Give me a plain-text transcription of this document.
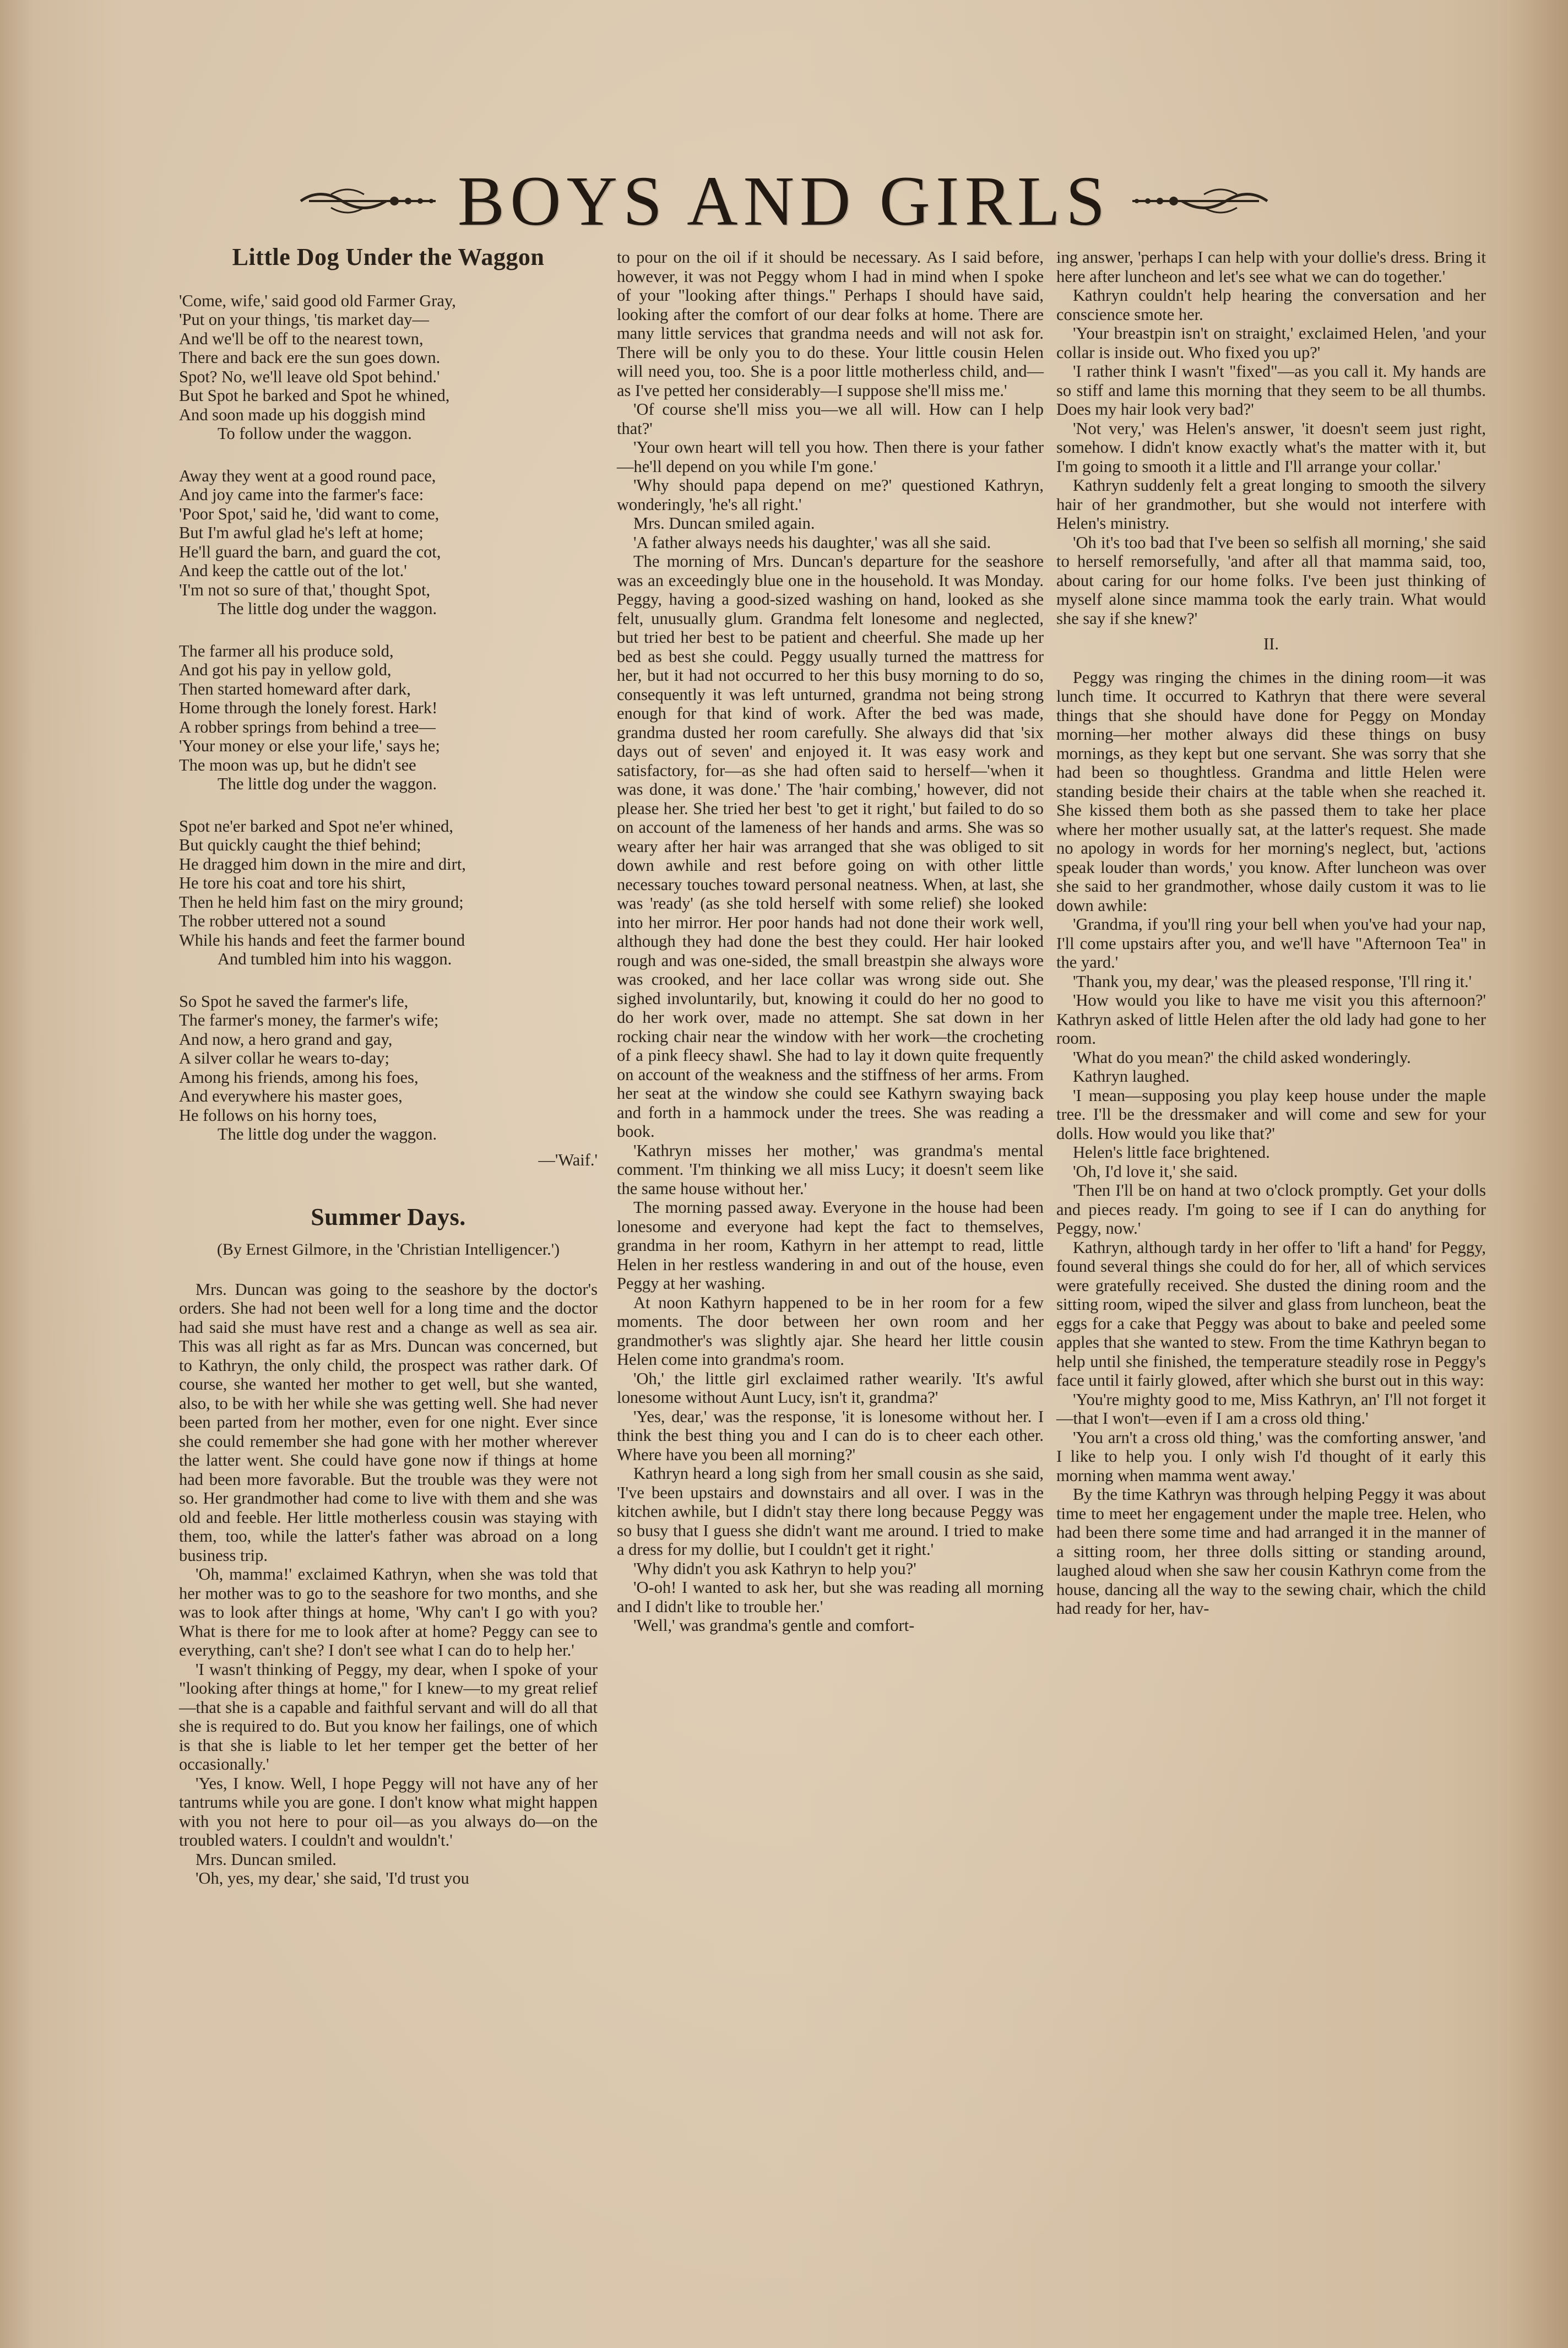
BOYS AND GIRLS
Little Dog Under the Waggon
'Come, wife,' said good old Farmer Gray,
'Put on your things, 'tis market day—
And we'll be off to the nearest town,
There and back ere the sun goes down.
Spot? No, we'll leave old Spot behind.'
But Spot he barked and Spot he whined,
And soon made up his doggish mind
To follow under the waggon.
Away they went at a good round pace,
And joy came into the farmer's face:
'Poor Spot,' said he, 'did want to come,
But I'm awful glad he's left at home;
He'll guard the barn, and guard the cot,
And keep the cattle out of the lot.'
'I'm not so sure of that,' thought Spot,
The little dog under the waggon.
The farmer all his produce sold,
And got his pay in yellow gold,
Then started homeward after dark,
Home through the lonely forest. Hark!
A robber springs from behind a tree—
'Your money or else your life,' says he;
The moon was up, but he didn't see
The little dog under the waggon.
Spot ne'er barked and Spot ne'er whined,
But quickly caught the thief behind;
He dragged him down in the mire and dirt,
He tore his coat and tore his shirt,
Then he held him fast on the miry ground;
The robber uttered not a sound
While his hands and feet the farmer bound
And tumbled him into his waggon.
So Spot he saved the farmer's life,
The farmer's money, the farmer's wife;
And now, a hero grand and gay,
A silver collar he wears to-day;
Among his friends, among his foes,
And everywhere his master goes,
He follows on his horny toes,
The little dog under the waggon.

—'Waif.'

Summer Days.
(By Ernest Gilmore, in the 'Christian Intelligencer.')

Mrs. Duncan was going to the seashore by the doctor's orders. She had not been well for a long time and the doctor had said she must have rest and a change as well as sea air. This was all right as far as Mrs. Duncan was concerned, but to Kathryn, the only child, the prospect was rather dark. Of course, she wanted her mother to get well, but she wanted, also, to be with her while she was getting well. She had never been parted from her mother, even for one night. Ever since she could remember she had gone with her mother wherever the latter went. She could have gone now if things at home had been more favorable. But the trouble was they were not so. Her grandmother had come to live with them and she was old and feeble. Her little motherless cousin was staying with them, too, while the latter's father was abroad on a long business trip.

'Oh, mamma!' exclaimed Kathryn, when she was told that her mother was to go to the seashore for two months, and she was to look after things at home, 'Why can't I go with you? What is there for me to look after at home? Peggy can see to everything, can't she? I don't see what I can do to help her.'

'I wasn't thinking of Peggy, my dear, when I spoke of your "looking after things at home," for I knew—to my great relief—that she is a capable and faithful servant and will do all that she is required to do. But you know her failings, one of which is that she is liable to let her temper get the better of her occasionally.'

'Yes, I know. Well, I hope Peggy will not have any of her tantrums while you are gone. I don't know what might happen with you not here to pour oil—as you always do—on the troubled waters. I couldn't and wouldn't.'

Mrs. Duncan smiled.

'Oh, yes, my dear,' she said, 'I'd trust you

to pour on the oil if it should be necessary. As I said before, however, it was not Peggy whom I had in mind when I spoke of your "looking after things." Perhaps I should have said, looking after the comfort of our dear folks at home. There are many little services that grandma needs and will not ask for. There will be only you to do these. Your little cousin Helen will need you, too. She is a poor little motherless child, and—as I've petted her considerably—I suppose she'll miss me.'

'Of course she'll miss you—we all will. How can I help that?'

'Your own heart will tell you how. Then there is your father—he'll depend on you while I'm gone.'

'Why should papa depend on me?' questioned Kathryn, wonderingly, 'he's all right.'

Mrs. Duncan smiled again.

'A father always needs his daughter,' was all she said.

The morning of Mrs. Duncan's departure for the seashore was an exceedingly blue one in the household. It was Monday. Peggy, having a good-sized washing on hand, looked as she felt, unusually glum. Grandma felt lonesome and neglected, but tried her best to be patient and cheerful. She made up her bed as best she could. Peggy usually turned the mattress for her, but it had not occurred to her this busy morning to do so, consequently it was left unturned, grandma not being strong enough for that kind of work. After the bed was made, grandma dusted her room carefully. She always did that 'six days out of seven' and enjoyed it. It was easy work and satisfactory, for—as she had often said to herself—'when it was done, it was done.' The 'hair combing,' however, did not please her. She tried her best 'to get it right,' but failed to do so on account of the lameness of her hands and arms. She was so weary after her hair was arranged that she was obliged to sit down awhile and rest before going on with other little necessary touches toward personal neatness. When, at last, she was 'ready' (as she told herself with some relief) she looked into her mirror. Her poor hands had not done their work well, although they had done the best they could. Her hair looked rough and was one-sided, the small breastpin she always wore was crooked, and her lace collar was wrong side out. She sighed involuntarily, but, knowing it could do her no good to do her work over, made no attempt. She sat down in her rocking chair near the window with her work—the crocheting of a pink fleecy shawl. She had to lay it down quite frequently on account of the weakness and the stiffness of her arms. From her seat at the window she could see Kathyrn swaying back and forth in a hammock under the trees. She was reading a book.

'Kathryn misses her mother,' was grandma's mental comment. 'I'm thinking we all miss Lucy; it doesn't seem like the same house without her.'

The morning passed away. Everyone in the house had been lonesome and everyone had kept the fact to themselves, grandma in her room, Kathyrn in her attempt to read, little Helen in her restless wandering in and out of the house, even Peggy at her washing.

At noon Kathyrn happened to be in her room for a few moments. The door between her own room and her grandmother's was slightly ajar. She heard her little cousin Helen come into grandma's room.

'Oh,' the little girl exclaimed rather wearily. 'It's awful lonesome without Aunt Lucy, isn't it, grandma?'

'Yes, dear,' was the response, 'it is lonesome without her. I think the best thing you and I can do is to cheer each other. Where have you been all morning?'

Kathryn heard a long sigh from her small cousin as she said, 'I've been upstairs and downstairs and all over. I was in the kitchen awhile, but I didn't stay there long because Peggy was so busy that I guess she didn't want me around. I tried to make a dress for my dollie, but I couldn't get it right.'

'Why didn't you ask Kathryn to help you?'

'O-oh! I wanted to ask her, but she was reading all morning and I didn't like to trouble her.'

'Well,' was grandma's gentle and comfort-

ing answer, 'perhaps I can help with your dollie's dress. Bring it here after luncheon and let's see what we can do together.'

Kathryn couldn't help hearing the conversation and her conscience smote her.

'Your breastpin isn't on straight,' exclaimed Helen, 'and your collar is inside out. Who fixed you up?'

'I rather think I wasn't "fixed"—as you call it. My hands are so stiff and lame this morning that they seem to be all thumbs. Does my hair look very bad?'

'Not very,' was Helen's answer, 'it doesn't seem just right, somehow. I didn't know exactly what's the matter with it, but I'm going to smooth it a little and I'll arrange your collar.'

Kathryn suddenly felt a great longing to smooth the silvery hair of her grandmother, but she would not interfere with Helen's ministry.

'Oh it's too bad that I've been so selfish all morning,' she said to herself remorsefully, 'and after all that mamma said, too, about caring for our home folks. I've been just thinking of myself alone since mamma took the early train. What would she say if she knew?'

II.

Peggy was ringing the chimes in the dining room—it was lunch time. It occurred to Kathryn that there were several things that she should have done for Peggy on Monday morning—her mother always did these things on busy mornings, as they kept but one servant. She was sorry that she had been so thoughtless. Grandma and little Helen were standing beside their chairs at the table when she reached it. She kissed them both as she passed them to take her place where her mother usually sat, at the latter's request. She made no apology in words for her morning's neglect, but, 'actions speak louder than words,' you know. After luncheon was over she said to her grandmother, whose daily custom it was to lie down awhile:

'Grandma, if you'll ring your bell when you've had your nap, I'll come upstairs after you, and we'll have "Afternoon Tea" in the yard.'

'Thank you, my dear,' was the pleased response, 'I'll ring it.'

'How would you like to have me visit you this afternoon?' Kathryn asked of little Helen after the old lady had gone to her room.

'What do you mean?' the child asked wonderingly.

Kathryn laughed.

'I mean—supposing you play keep house under the maple tree. I'll be the dressmaker and will come and sew for your dolls. How would you like that?'

Helen's little face brightened.

'Oh, I'd love it,' she said.

'Then I'll be on hand at two o'clock promptly. Get your dolls and pieces ready. I'm going to see if I can do anything for Peggy, now.'

Kathryn, although tardy in her offer to 'lift a hand' for Peggy, found several things she could do for her, all of which services were gratefully received. She dusted the dining room and the sitting room, wiped the silver and glass from luncheon, beat the eggs for a cake that Peggy was about to bake and peeled some apples that she wanted to stew. From the time Kathryn began to help until she finished, the temperature steadily rose in Peggy's face until it fairly glowed, after which she burst out in this way:

'You're mighty good to me, Miss Kathryn, an' I'll not forget it—that I won't—even if I am a cross old thing.'

'You arn't a cross old thing,' was the comforting answer, 'and I like to help you. I only wish I'd thought of it early this morning when mamma went away.'

By the time Kathryn was through helping Peggy it was about time to meet her engagement under the maple tree. Helen, who had been there some time and had arranged it in the manner of a sitting room, her three dolls sitting or standing around, laughed aloud when she saw her cousin Kathryn come from the house, dancing all the way to the sewing chair, which the child had ready for her, hav-
